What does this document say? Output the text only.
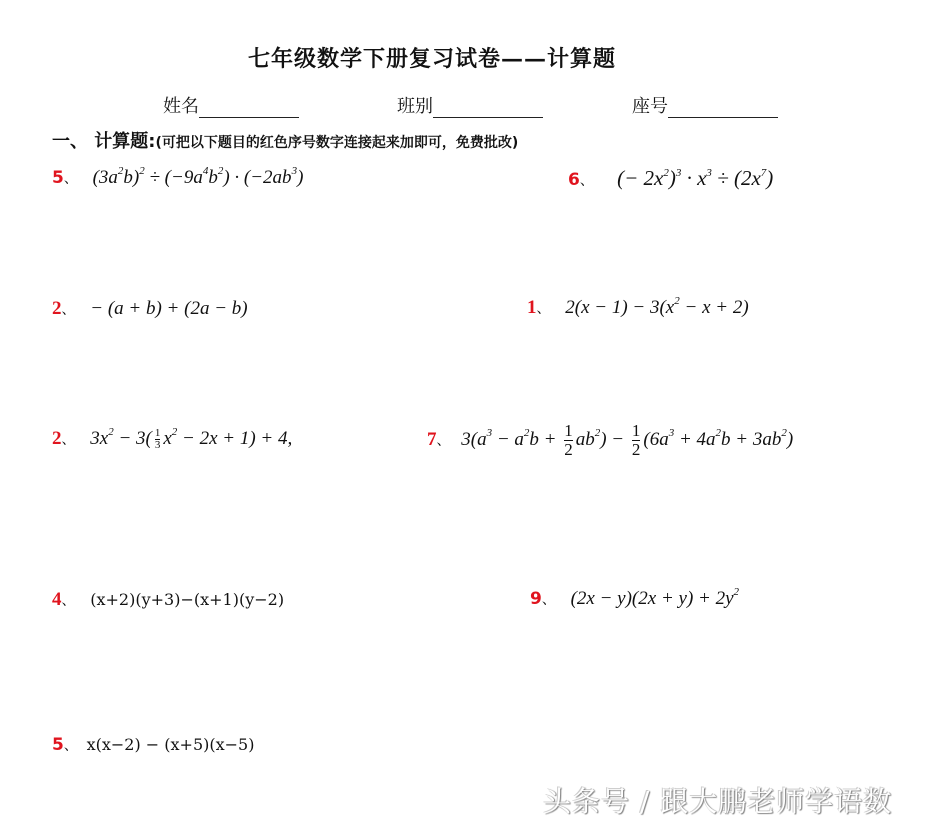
七年级数学下册复习试卷——计算题
姓名	班别	座号
一、 计算题:(可把以下题目的红色序号数字连接起来加即可，免费批改)
5、 $(3a^2b)^2 \div (-9a^4b^2) \cdot (-2ab^3)$	6、 (− $2x^2)^3 \cdot x^3 \div (2x^7)$
2、 − (a + b) + (2a − b)	1、 $2(x - 1) - 3(x^2 - x + 2)$
2、 $3x^2 - 3( \frac{1}{3} x^2 - 2x + 1) + 4$,	7、 $3(a^3 - a^2b + \frac{1}{2} ab^2) - \frac{1}{2} (6a^3 + 4a^2b + 3ab^2)$
4、 (x+2)(y+3)−(x+1)(y−2)	9、 $(2x - y)(2x + y) + 2y^2$
5、 x(x−2) − (x+5)(x−5)
头条号 / 跟大鹏老师学语数
